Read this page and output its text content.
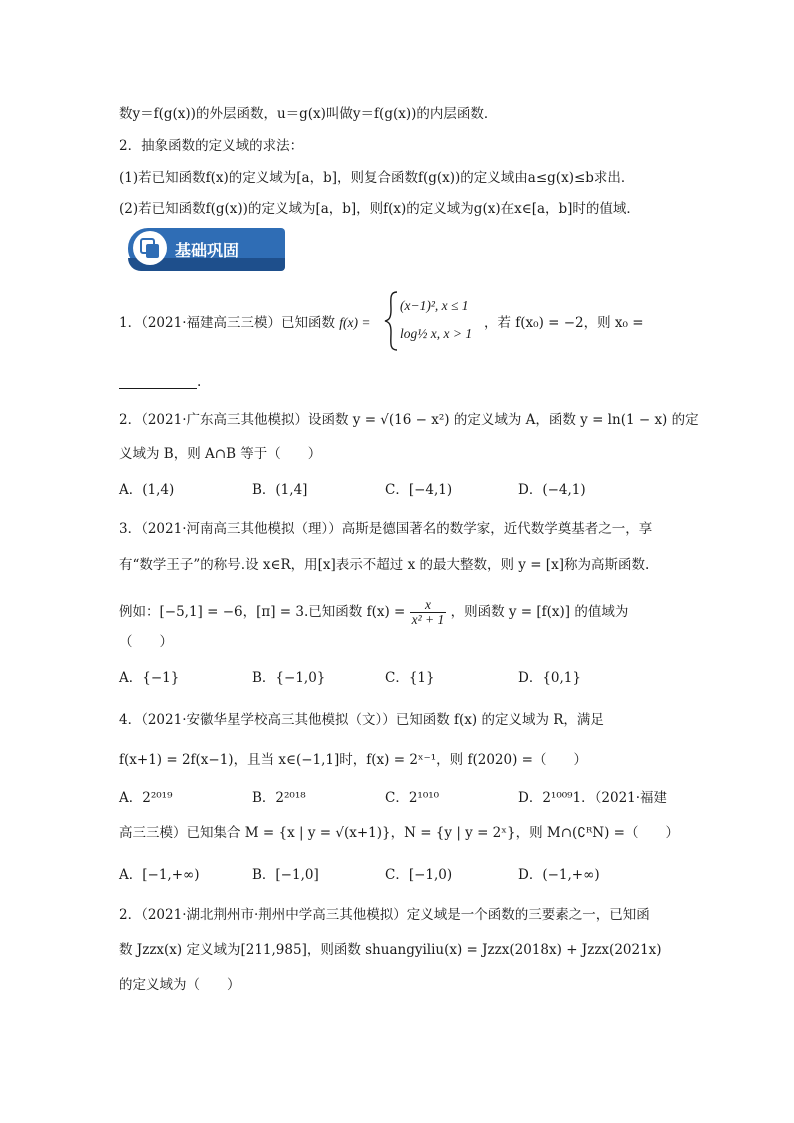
数y＝f(g(x))的外层函数，u＝g(x)叫做y＝f(g(x))的内层函数．
2．抽象函数的定义域的求法：
(1)若已知函数f(x)的定义域为[a，b]，则复合函数f(g(x))的定义域由a≤g(x)≤b求出．
(2)若已知函数f(g(x))的定义域为[a，b]，则f(x)的定义域为g(x)在x∈[a，b]时的值域．
基础巩固
1．（2021·福建高三三模）已知函数 f(x) =
(x−1)², x ≤ 1
log½ x, x > 1
，若 f(x₀) = −2，则 x₀ =
.
2．（2021·广东高三其他模拟）设函数 y = √(16 − x²) 的定义域为 A，函数 y = ln(1 − x) 的定
义域为 B，则 A∩B 等于（　　）
A．(1,4)	B．(1,4]	C．[−4,1)	D．(−4,1)
3．（2021·河南高三其他模拟（理））高斯是德国著名的数学家，近代数学奠基者之一，享
有“数学王子”的称号.设 x∈R，用[x]表示不超过 x 的最大整数，则 y = [x]称为高斯函数.
例如：[−5,1] = −6，[π] = 3.已知函数 $f(x) = \frac{x}{\text{x² + 1}}$ ，则函数 y = [f(x)] 的值域为
（　　）
A．{−1}	B．{−1,0}	C．{1}	D．{0,1}
4．（2021·安徽华星学校高三其他模拟（文））已知函数 f(x) 的定义域为 R，满足
f(x+1) = 2f(x−1)，且当 x∈(−1,1]时，f(x) = 2ˣ⁻¹，则 f(2020) =（　　）
A．2²⁰¹⁹	B．2²⁰¹⁸	C．2¹⁰¹⁰	D．2¹⁰⁰⁹1．（2021·福建
高三三模）已知集合 M = {x | y = √(x+1)}，N = {y | y = 2ˣ}，则 M∩(∁ᴿN) =（　　）
A．[−1,+∞)	B．[−1,0]	C．[−1,0)	D．(−1,+∞)
2．（2021·湖北荆州市·荆州中学高三其他模拟）定义域是一个函数的三要素之一，已知函
数 Jzzx(x) 定义域为[211,985]，则函数 shuangyiliu(x) = Jzzx(2018x) + Jzzx(2021x)
的定义域为（　　）
